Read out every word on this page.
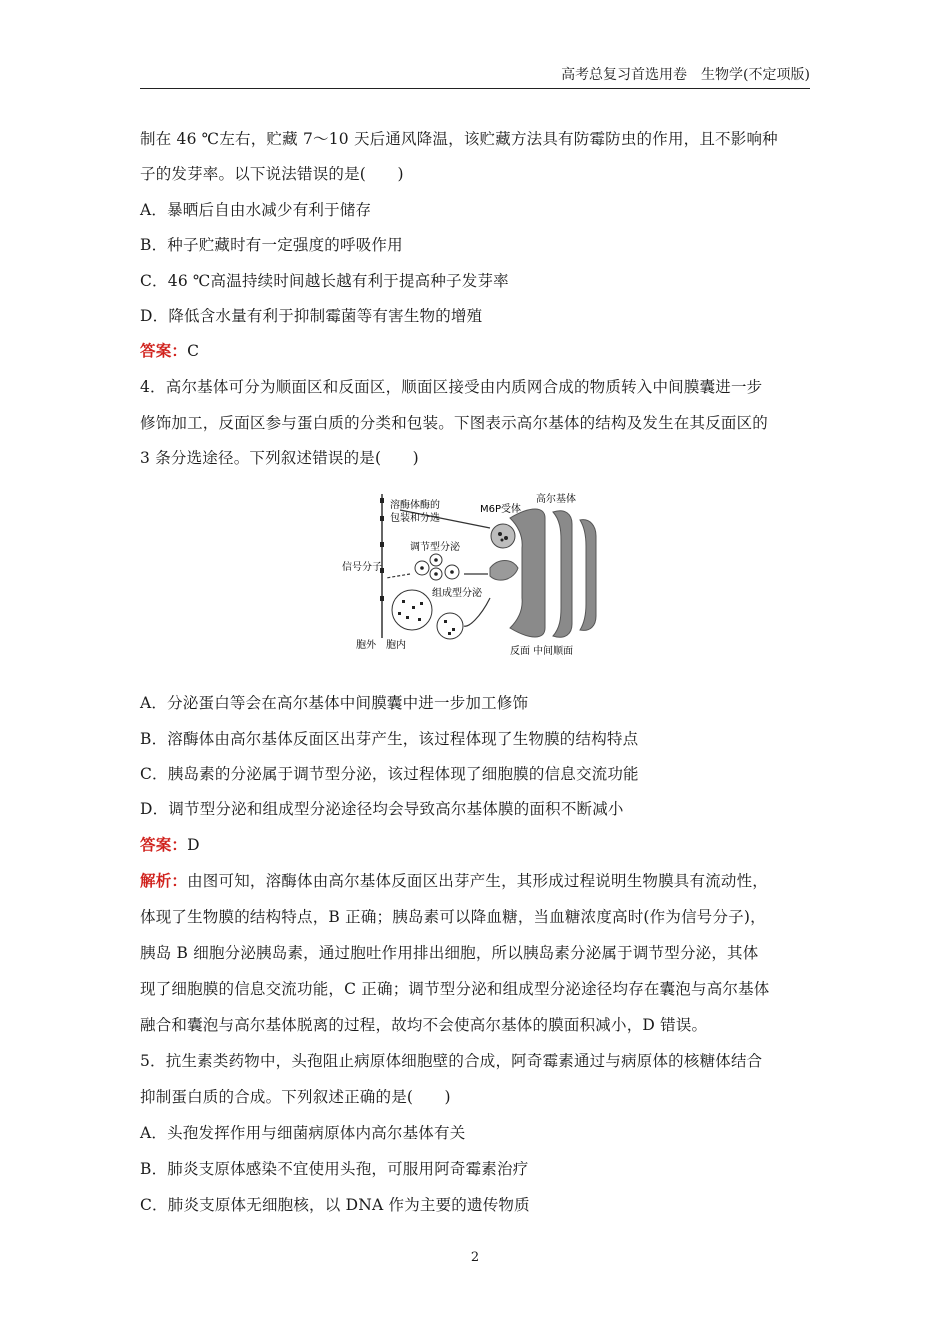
高考总复习首选用卷　生物学(不定项版)
制在 46 ℃左右，贮藏 7～10 天后通风降温，该贮藏方法具有防霉防虫的作用，且不影响种
子的发芽率。以下说法错误的是(　　)
A．暴晒后自由水减少有利于储存
B．种子贮藏时有一定强度的呼吸作用
C．46 ℃高温持续时间越长越有利于提高种子发芽率
D．降低含水量有利于抑制霉菌等有害生物的增殖
答案：C
4．高尔基体可分为顺面区和反面区，顺面区接受由内质网合成的物质转入中间膜囊进一步
修饰加工，反面区参与蛋白质的分类和包装。下图表示高尔基体的结构及发生在其反面区的
3 条分选途径。下列叙述错误的是(　　)
溶酶体酶的
包装和分选
M6P受体
高尔基体
调节型分泌
信号分子
组成型分泌
胞外 胞内
反面 中间顺面
A．分泌蛋白等会在高尔基体中间膜囊中进一步加工修饰
B．溶酶体由高尔基体反面区出芽产生，该过程体现了生物膜的结构特点
C．胰岛素的分泌属于调节型分泌，该过程体现了细胞膜的信息交流功能
D．调节型分泌和组成型分泌途径均会导致高尔基体膜的面积不断减小
答案：D
解析：由图可知，溶酶体由高尔基体反面区出芽产生，其形成过程说明生物膜具有流动性，
体现了生物膜的结构特点，B 正确；胰岛素可以降血糖，当血糖浓度高时(作为信号分子)，
胰岛 B 细胞分泌胰岛素，通过胞吐作用排出细胞，所以胰岛素分泌属于调节型分泌，其体
现了细胞膜的信息交流功能，C 正确；调节型分泌和组成型分泌途径均存在囊泡与高尔基体
融合和囊泡与高尔基体脱离的过程，故均不会使高尔基体的膜面积减小，D 错误。
5．抗生素类药物中，头孢阻止病原体细胞壁的合成，阿奇霉素通过与病原体的核糖体结合
抑制蛋白质的合成。下列叙述正确的是(　　)
A．头孢发挥作用与细菌病原体内高尔基体有关
B．肺炎支原体感染不宜使用头孢，可服用阿奇霉素治疗
C．肺炎支原体无细胞核，以 DNA 作为主要的遗传物质
2
